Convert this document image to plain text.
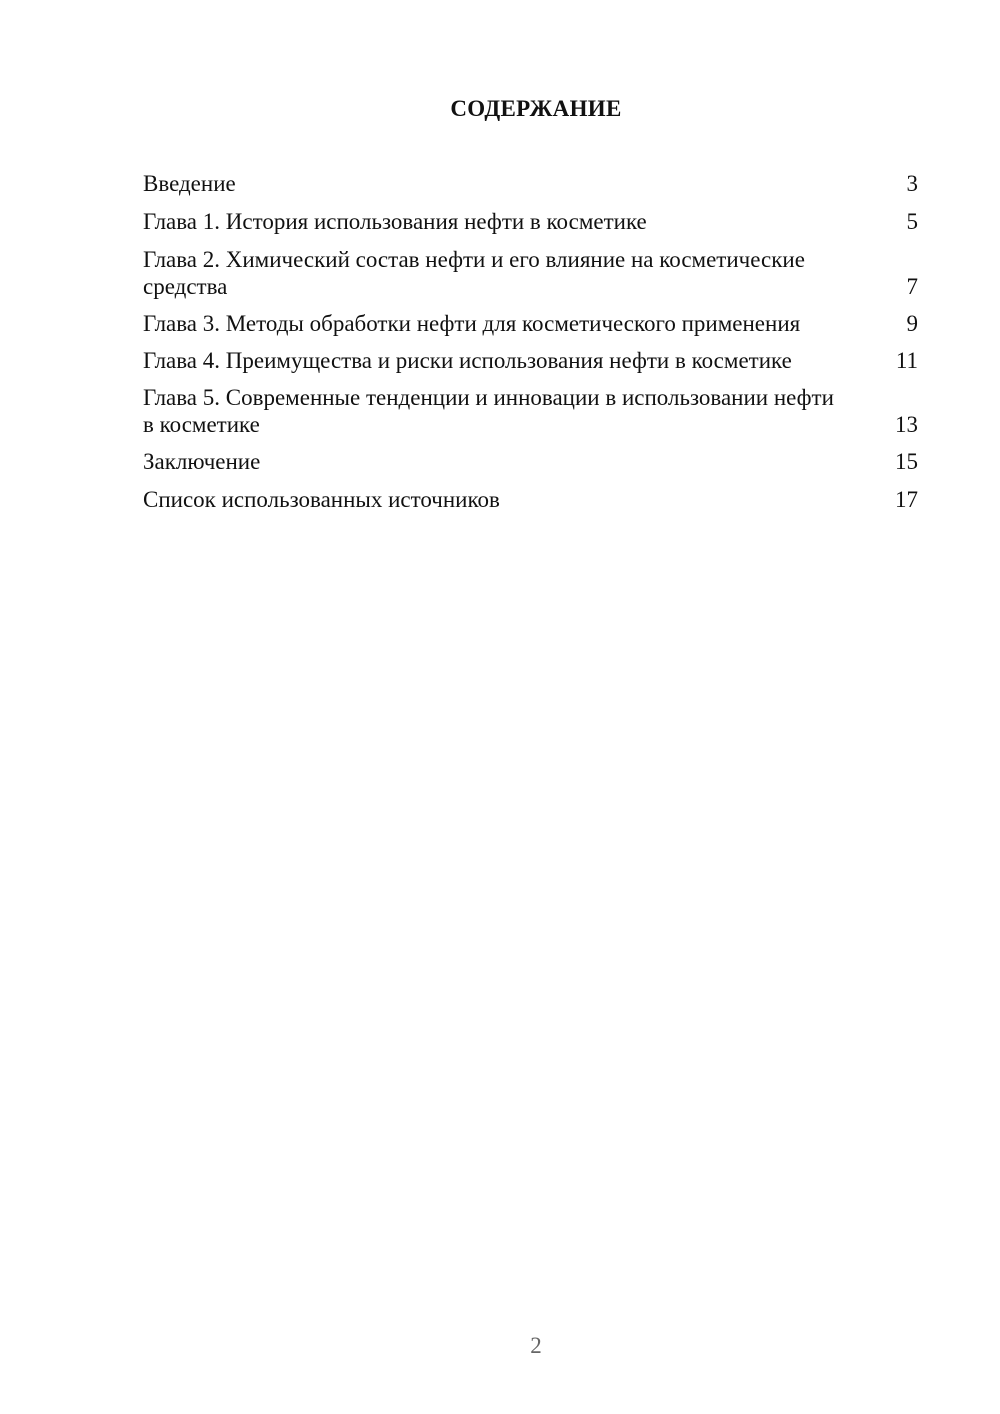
СОДЕРЖАНИЕ
Введение	3
Глава 1. История использования нефти в косметике	5
Глава 2. Химический состав нефти и его влияние на косметические средства	7
Глава 3. Методы обработки нефти для косметического применения	9
Глава 4. Преимущества и риски использования нефти в косметике	11
Глава 5. Современные тенденции и инновации в использовании нефти в косметике	13
Заключение	15
Список использованных источников	17
2
